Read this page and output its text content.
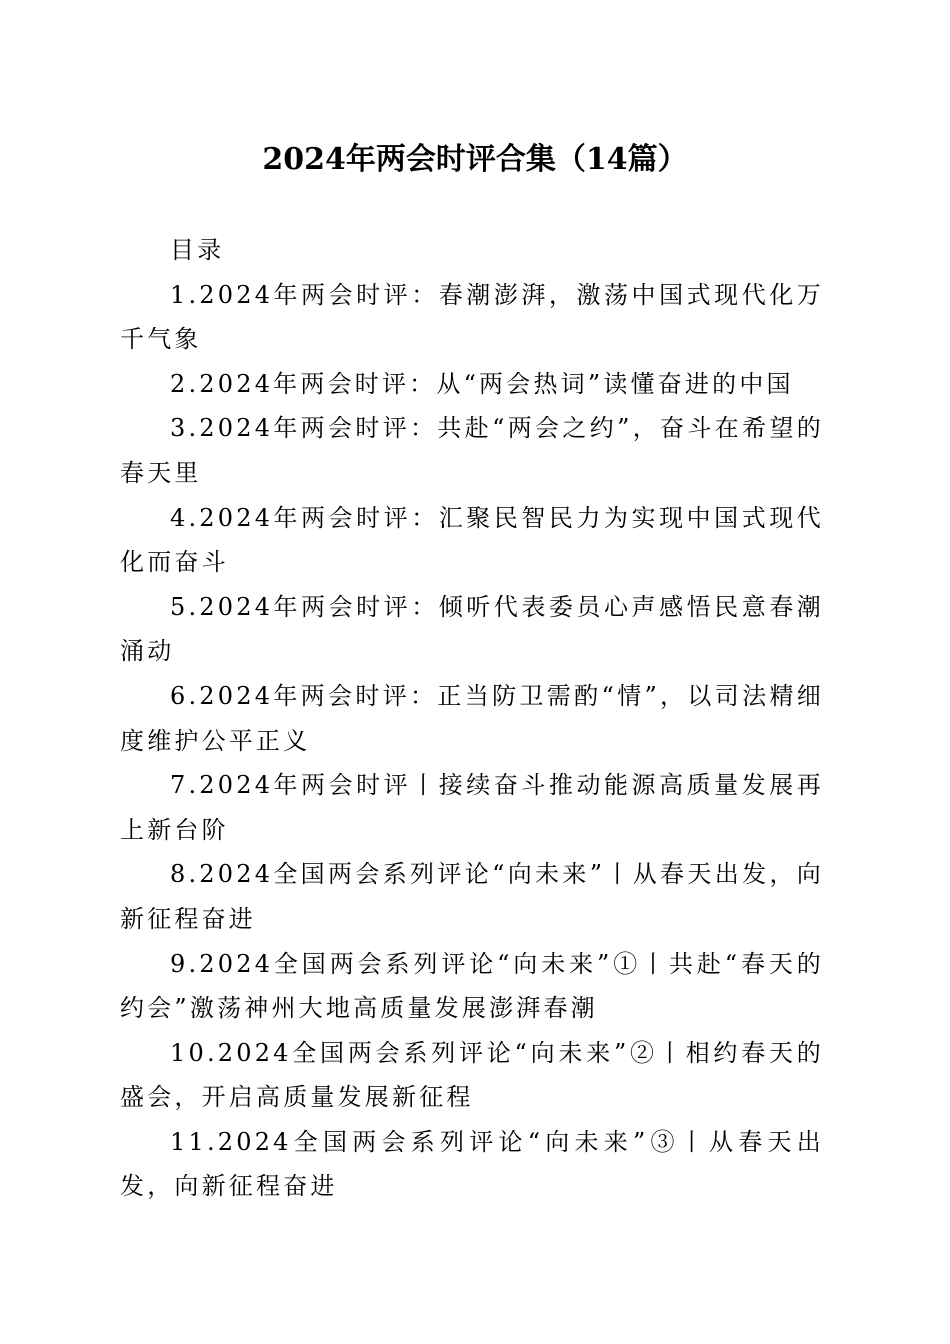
2024年两会时评合集（14篇）

目录

1.2024年两会时评：春潮澎湃，激荡中国式现代化万千气象

2.2024年两会时评：从“两会热词”读懂奋进的中国

3.2024年两会时评：共赴“两会之约”，奋斗在希望的春天里

4.2024年两会时评：汇聚民智民力为实现中国式现代化而奋斗

5.2024年两会时评：倾听代表委员心声感悟民意春潮涌动

6.2024年两会时评：正当防卫需酌“情”，以司法精细度维护公平正义

7.2024年两会时评丨接续奋斗推动能源高质量发展再上新台阶

8.2024全国两会系列评论“向未来”丨从春天出发，向新征程奋进

9.2024全国两会系列评论“向未来”①丨共赴“春天的约会”激荡神州大地高质量发展澎湃春潮

10.2024全国两会系列评论“向未来”②丨相约春天的盛会，开启高质量发展新征程

11.2024全国两会系列评论“向未来”③丨从春天出发，向新征程奋进
